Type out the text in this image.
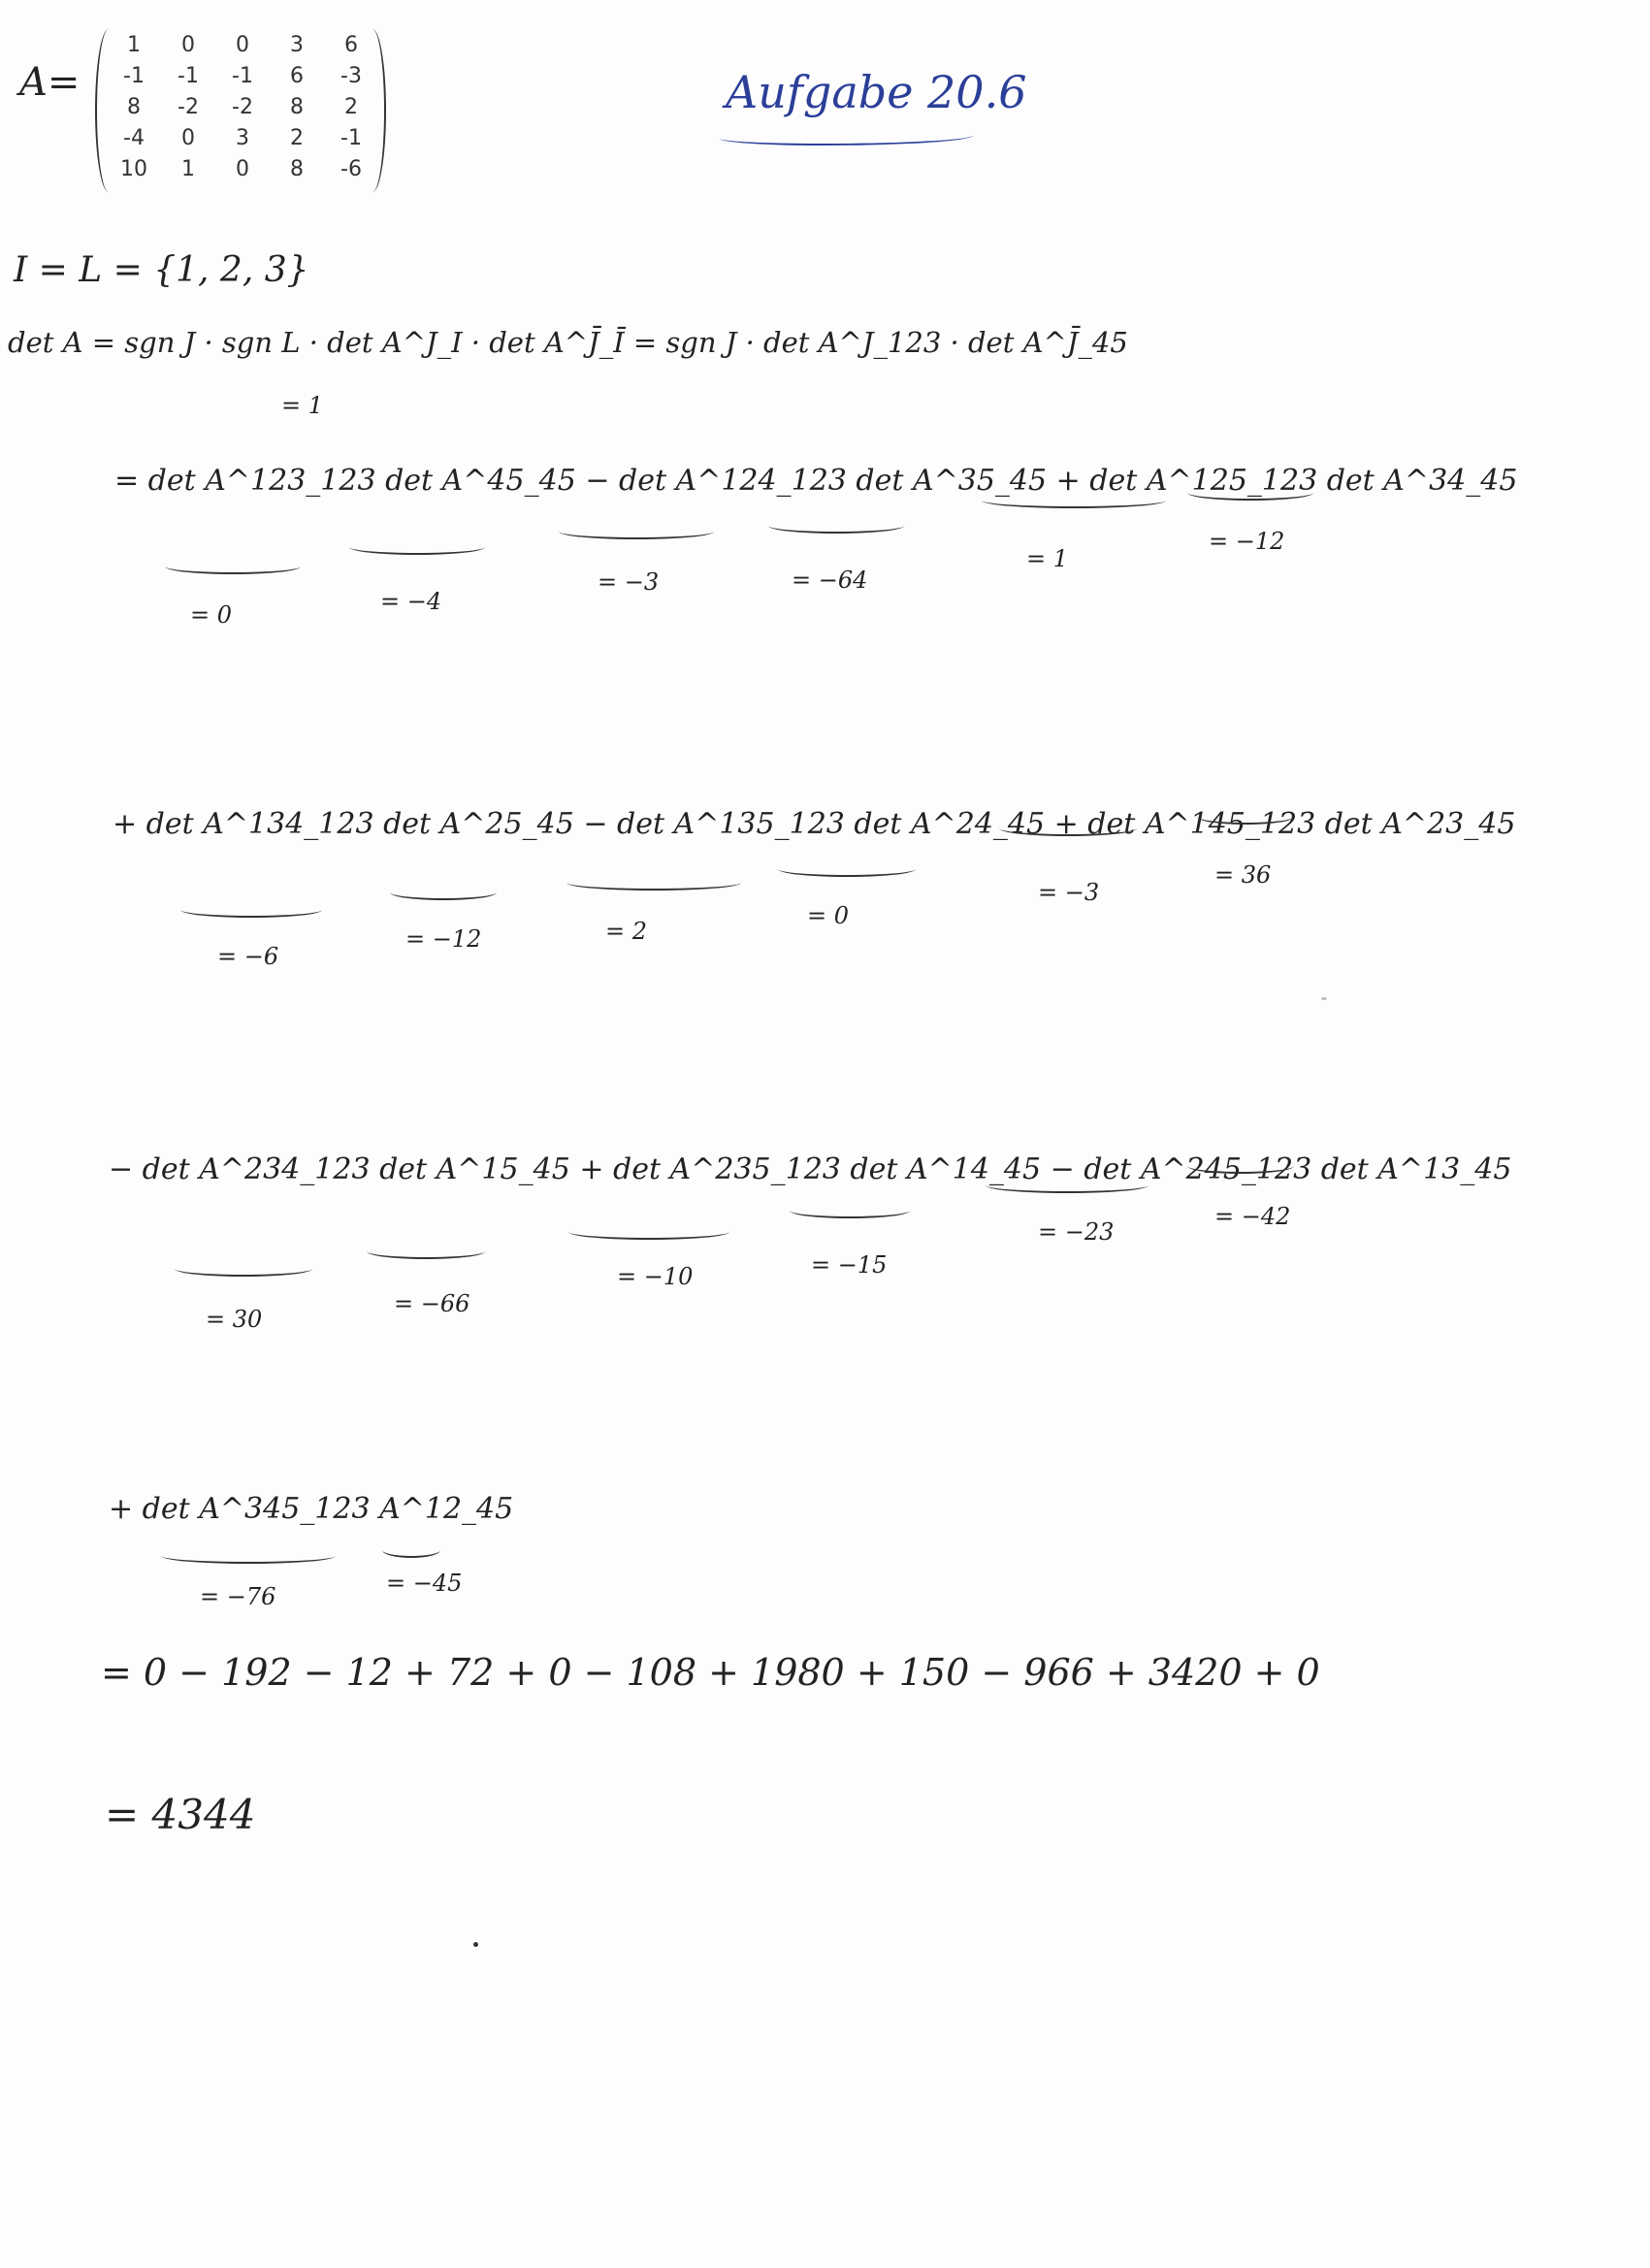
Aufgabe 20.6
A=
1 0 0 3 6
-1 -1 -1 6 -3
8 -2 -2 8 2
-4 0 3 2 -1
10 1 0 8 -6
I = L = {1, 2, 3}
det A = sgn J · sgn L · det A^J_I · det A^J̄_Ī = sgn J · det A^J_123 · det A^J̄_45
= 1
= det A^123_123 det A^45_45 − det A^124_123 det A^35_45 + det A^125_123 det A^34_45
= 0	= −4
= −3	= −64
= 1
= −12
+ det A^134_123 det A^25_45 − det A^135_123 det A^24_45 + det A^145_123 det A^23_45
= −6
= −12	= 2
= 0
= −3
= 36
− det A^234_123 det A^15_45 + det A^235_123 det A^14_45 − det A^245_123 det A^13_45
= 30
= −66
= −10	= −15
= −23
= −42
+ det A^345_123 A^12_45
= −76	= −45
= 0 − 192 − 12 + 72 + 0 − 108 + 1980 + 150 − 966 + 3420 + 0
= 4344
